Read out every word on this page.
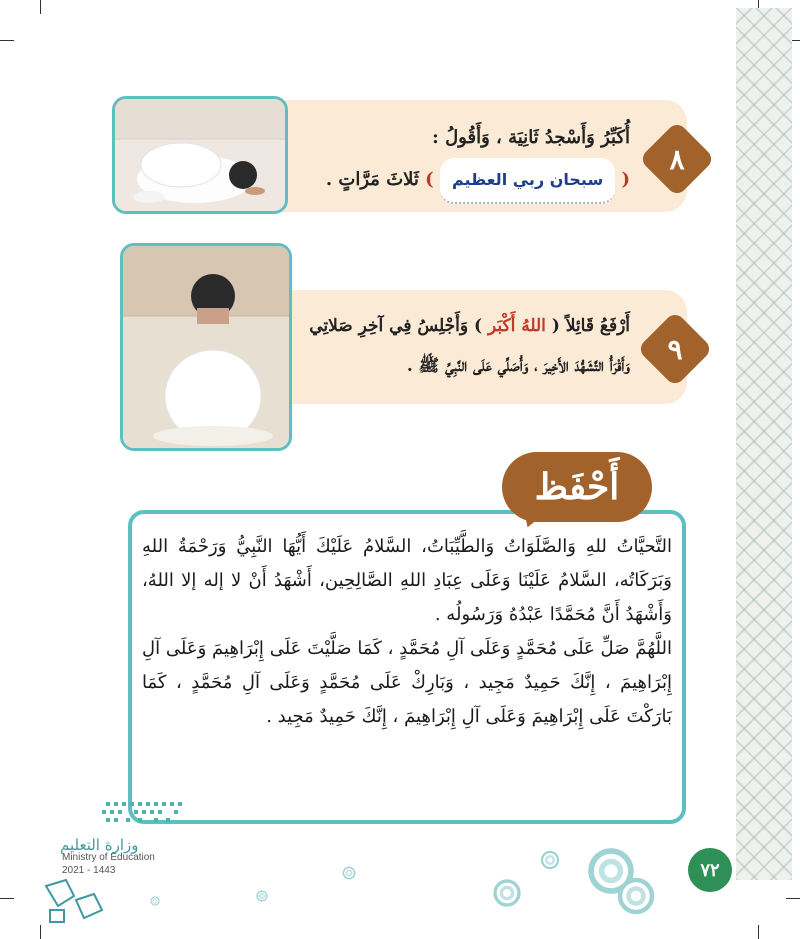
٨
أُكَبِّرُ وَأَسْجدُ ثَانِيَة ، وَأَقُولُ :
( سبحان ربي العظيم ) ثَلاثَ مَرَّاتٍ .
٩
أَرْفَعُ قَائِلاً ( اللهُ أَكْبَر ) وَأَجْلِسُ فِي آخِرِ صَلاتِي
وَأَقْرَأُ التَّشَهُّدَ الأَخِيرَ ، وَأُصَلِّي عَلَى النَّبِيِّ ﷺ .
أَحْفَظ
التَّحيَّاتُ للهِ وَالصَّلَوَاتُ وَالطَّيِّبَاتُ، السَّلامُ عَلَيْكَ أَيُّهَا النَّبِيُّ وَرَحْمَةُ اللهِ وَبَرَكَاتُه، السَّلامُ عَلَيْنَا وَعَلَى عِبَادِ اللهِ الصَّالِحِين، أَشْهَدُ أَنْ لا إله إلا اللهُ، وَأَشْهَدُ أَنَّ مُحَمَّدًا عَبْدُهُ وَرَسُولُه .
اللَّهُمَّ صَلِّ عَلَى مُحَمَّدٍ وَعَلَى آلِ مُحَمَّدٍ ، كَمَا صَلَّيْتَ عَلَى إِبْرَاهِيمَ وَعَلَى آلِ إِبْرَاهِيمَ ، إِنَّكَ حَمِيدٌ مَجِيد ، وَبَارِكْ عَلَى مُحَمَّدٍ وَعَلَى آلِ مُحَمَّدٍ ، كَمَا بَارَكْتَ عَلَى إِبْرَاهِيمَ وَعَلَى آلِ إِبْرَاهِيمَ ، إِنَّكَ حَمِيدٌ مَجِيد .
٧٢
وزارة التعليم
Ministry of Education
2021 - 1443
